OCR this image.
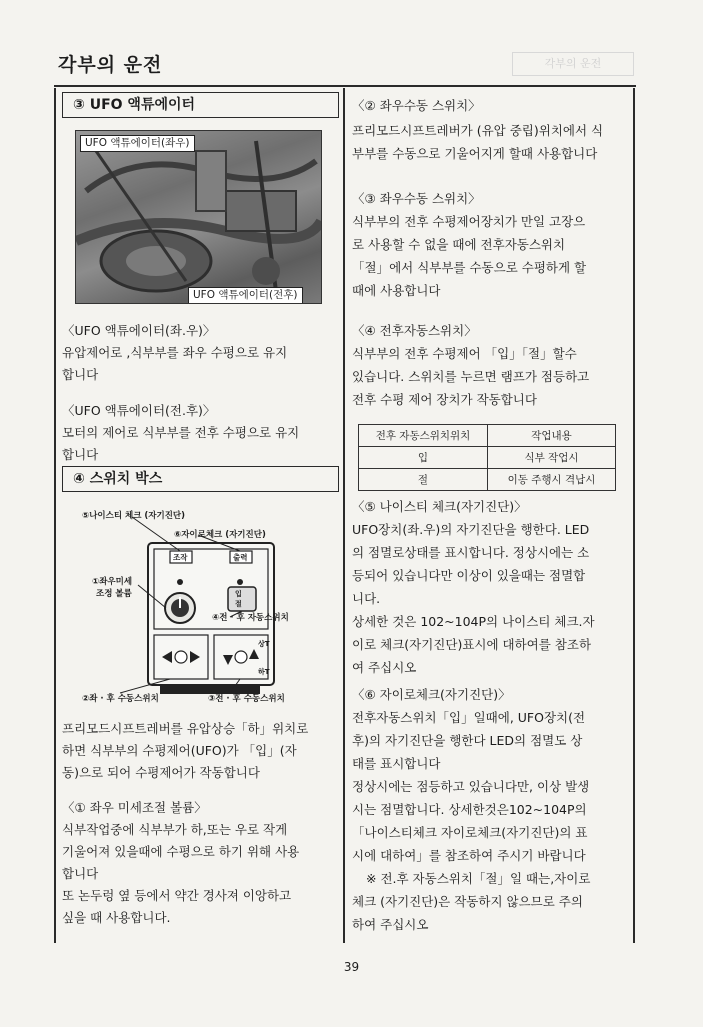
각부의 운전	각부의 운전
③ UFO 액튜에이터
UFO 액튜에이터(좌우)
UFO 액튜에이터(전후)
〈UFO 액튜에이터(좌.우)〉
유압제어로 ,식부부를 좌우 수평으로 유지
합니다
〈UFO 액튜에이터(전.후)〉
모터의 제어로 식부부를 전후 수평으로 유지
합니다
④ 스위치 박스
⑤나이스티 체크 (자기진단)
⑥자이로체크 (자기진단)
①좌우미세
조정 볼륨
④전 · 후 자동스위치
②좌 · 후 수동스위치	③전 · 후 수동스위치
조작	출력
입
절
상T
하T
프리모드시프트레버를 유압상승「하」위치로
하면 식부부의 수평제어(UFO)가 「입」(자
동)으로 되어 수평제어가 작동합니다
〈① 좌우 미세조절 볼륨〉
식부작업중에 식부부가 하,또는 우로 작게
기울어져 있을때에 수평으로 하기 위해 사용
합니다
또 논두렁 옆 등에서 약간 경사져 이앙하고
싶을 때 사용합니다.
〈② 좌우수동 스위치〉
프리모드시프트레버가 (유압 중립)위치에서 식
부부를 수동으로 기울어지게 할때 사용합니다
〈③ 좌우수동 스위치〉
식부부의 전후 수평제어장치가 만일 고장으
로 사용할 수 없을 때에 전후자동스위치
「절」에서 식부부를 수동으로 수평하게 할
때에 사용합니다
〈④ 전후자동스위치〉
식부부의 전후 수평제어 「입」「절」할수
있습니다. 스위치를 누르면 램프가 점등하고
전후 수평 제어 장치가 작동합니다
전후 자동스위치위치	작업내용
입	식부 작업시
절	이동 주행시 격납시
〈⑤ 나이스티 체크(자기진단)〉
UFO장치(좌.우)의 자기진단을 행한다. LED
의 점멸로상태를 표시합니다. 정상시에는 소
등되어 있습니다만 이상이 있을때는 점멸합
니다.
상세한 것은 102~104P의 나이스티 체크.자
이로 체크(자기진단)표시에 대하여를 참조하
여 주십시오
〈⑥ 자이로체크(자기진단)〉
전후자동스위치「입」일때에, UFO장치(전
후)의 자기진단을 행한다 LED의 점멸도 상
태를 표시합니다
정상시에는 점등하고 있습니다만, 이상 발생
시는 점멸합니다. 상세한것은102~104P의
「나이스티체크 자이로체크(자기진단)의 표
시에 대하여」를 참조하여 주시기 바랍니다
※ 전.후 자동스위치「절」일 때는,자이로
체크 (자기진단)은 작동하지 않으므로 주의
하여 주십시오
39
